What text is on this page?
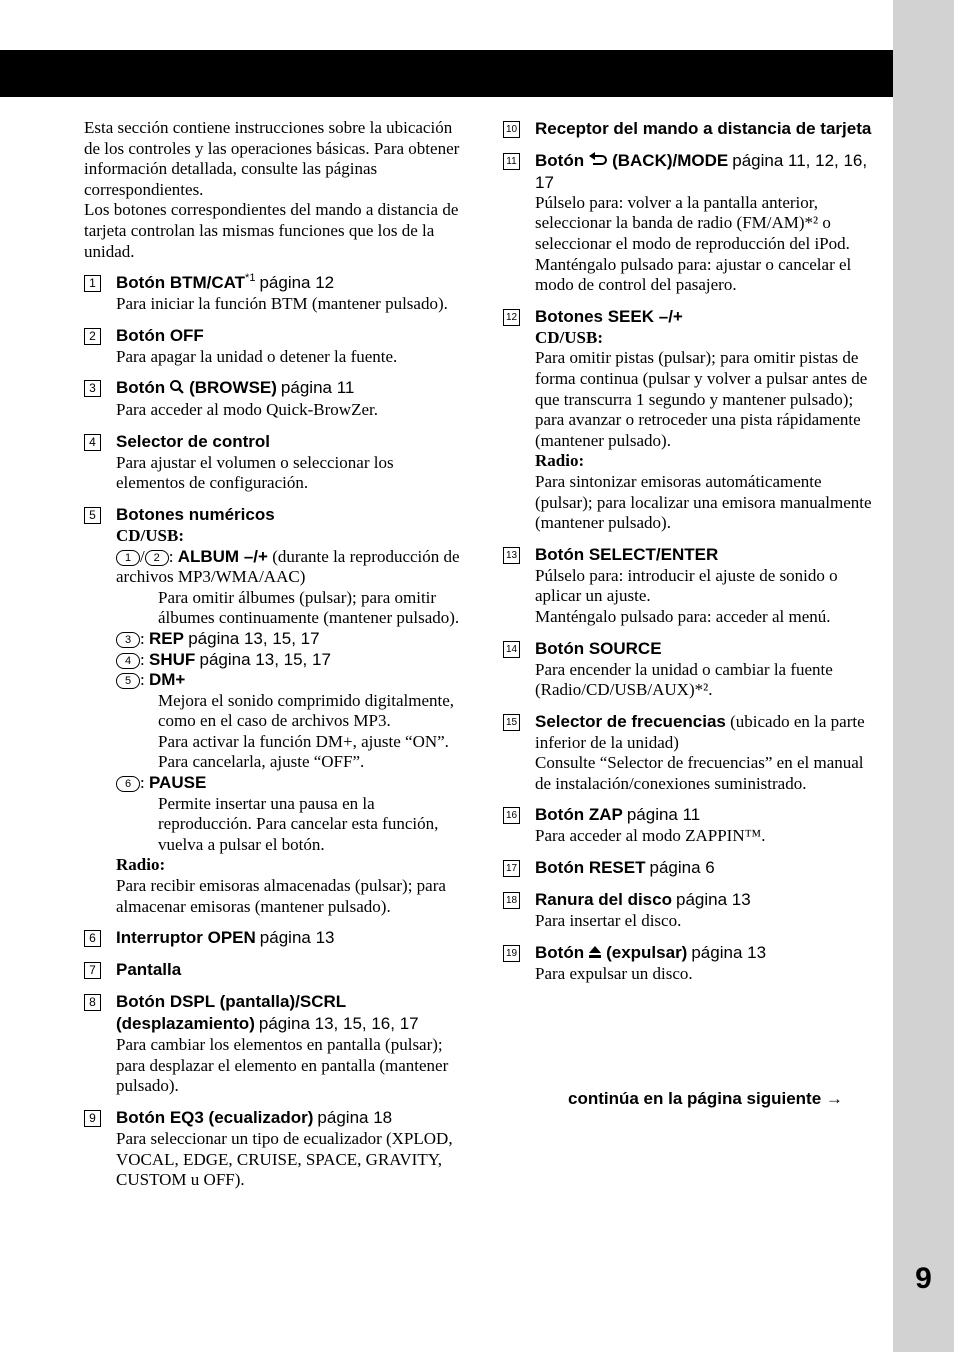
9
Esta sección contiene instrucciones sobre la ubicación de los controles y las operaciones básicas. Para obtener información detallada, consulte las páginas correspondientes.
Los botones correspondientes del mando a distancia de tarjeta controlan las mismas funciones que los de la unidad.
1	Botón BTM/CAT$^{*1}$ página 12
Para iniciar la función BTM (mantener pulsado).
2	Botón OFF
Para apagar la unidad o detener la fuente.
3	Botón (BROWSE) página 11
Para acceder al modo Quick-BrowZer.
4	Selector de control
Para ajustar el volumen o seleccionar los elementos de configuración.
5	Botones numéricos
CD/USB:
1 / 2 : ALBUM –/+ (durante la reproducción de archivos MP3/WMA/AAC)
Para omitir álbumes (pulsar); para omitir álbumes continuamente (mantener pulsado).
3 : REP página 13, 15, 17
4 : SHUF página 13, 15, 17
5 : DM+
Mejora el sonido comprimido digitalmente, como en el caso de archivos MP3.
Para activar la función DM+, ajuste “ON”. Para cancelarla, ajuste “OFF”.
6 : PAUSE
Permite insertar una pausa en la reproducción. Para cancelar esta función, vuelva a pulsar el botón.
Radio:
Para recibir emisoras almacenadas (pulsar); para almacenar emisoras (mantener pulsado).
6	Interruptor OPEN página 13
7	Pantalla
8	Botón DSPL (pantalla)/SCRL (desplazamiento) página 13, 15, 16, 17
Para cambiar los elementos en pantalla (pulsar); para desplazar el elemento en pantalla (mantener pulsado).
9	Botón EQ3 (ecualizador) página 18
Para seleccionar un tipo de ecualizador (XPLOD, VOCAL, EDGE, CRUISE, SPACE, GRAVITY, CUSTOM u OFF).
10 Receptor del mando a distancia de tarjeta
11 Botón (BACK)/MODE página 11, 12, 16, 17
Púlselo para: volver a la pantalla anterior, seleccionar la banda de radio (FM/AM)*² o seleccionar el modo de reproducción del iPod.
Manténgalo pulsado para: ajustar o cancelar el modo de control del pasajero.
12 Botones SEEK –/+
CD/USB:
Para omitir pistas (pulsar); para omitir pistas de forma continua (pulsar y volver a pulsar antes de que transcurra 1 segundo y mantener pulsado); para avanzar o retroceder una pista rápidamente (mantener pulsado).
Radio:
Para sintonizar emisoras automáticamente (pulsar); para localizar una emisora manualmente (mantener pulsado).
13 Botón SELECT/ENTER
Púlselo para: introducir el ajuste de sonido o aplicar un ajuste.
Manténgalo pulsado para: acceder al menú.
14 Botón SOURCE
Para encender la unidad o cambiar la fuente (Radio/CD/USB/AUX)*².
15 Selector de frecuencias (ubicado en la parte inferior de la unidad)
Consulte “Selector de frecuencias” en el manual de instalación/conexiones suministrado.
16 Botón ZAP página 11
Para acceder al modo ZAPPIN™.
17 Botón RESET página 6
18 Ranura del disco página 13
Para insertar el disco.
19 Botón (expulsar) página 13
Para expulsar un disco.
continúa en la página siguiente →
